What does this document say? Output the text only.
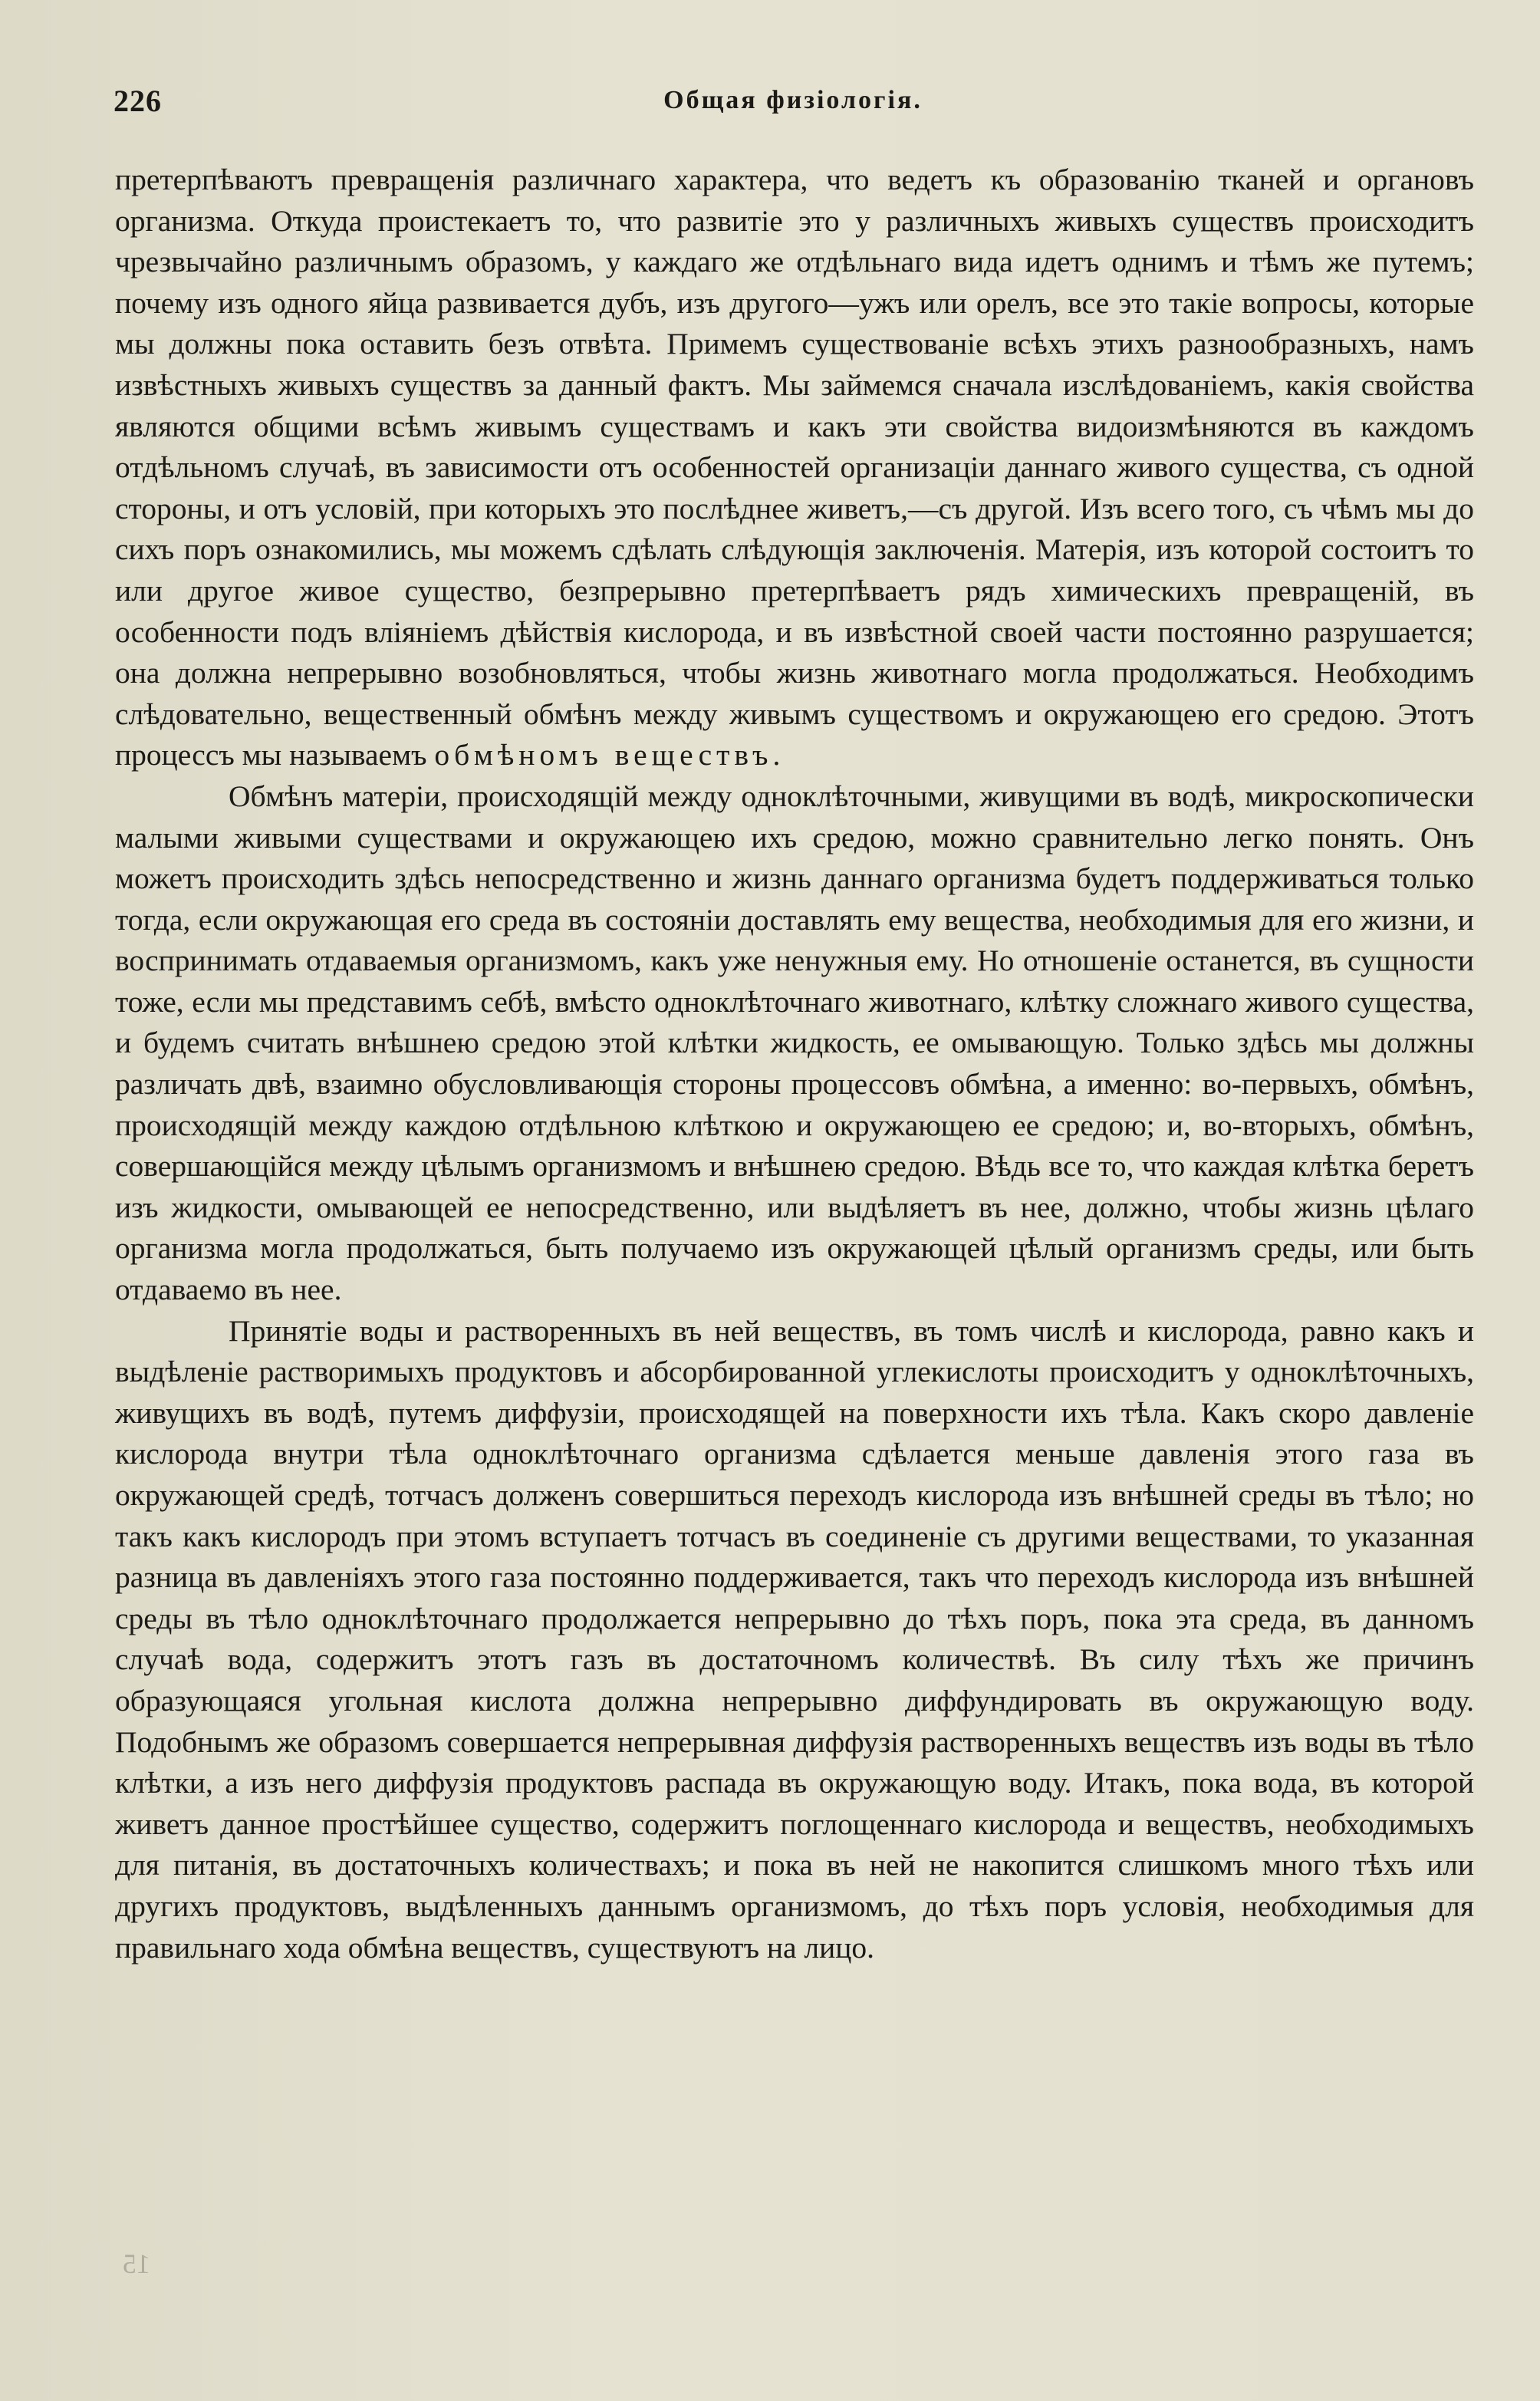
226	Общая физіологія.

претерпѣваютъ превращенія различнаго характера, что ведетъ къ образованію тканей и органовъ организма. Откуда проистекаетъ то, что развитіе это у различныхъ живыхъ существъ происходитъ чрезвычайно различнымъ образомъ, у каждаго же отдѣльнаго вида идетъ однимъ и тѣмъ же путемъ; почему изъ одного яйца развивается дубъ, изъ другого—ужъ или орелъ, все это такіе вопросы, которые мы должны пока оставить безъ отвѣта. Примемъ существованіе всѣхъ этихъ разнообразныхъ, намъ извѣстныхъ живыхъ существъ за данный фактъ. Мы займемся сначала изслѣдованіемъ, какія свойства являются общими всѣмъ живымъ существамъ и какъ эти свойства видоизмѣняются въ каждомъ отдѣльномъ случаѣ, въ зависимости отъ особенностей организаціи даннаго живого существа, съ одной стороны, и отъ условій, при которыхъ это послѣднее живетъ,—съ другой. Изъ всего того, съ чѣмъ мы до сихъ поръ ознакомились, мы можемъ сдѣлать слѣдующія заключенія. Матерія, изъ которой состоитъ то или другое живое существо, безпрерывно претерпѣваетъ рядъ химическихъ превращеній, въ особенности подъ вліяніемъ дѣйствія кислорода, и въ извѣстной своей части постоянно разрушается; она должна непрерывно возобновляться, чтобы жизнь животнаго могла продолжаться. Необходимъ слѣдовательно, вещественный обмѣнъ между живымъ существомъ и окружающею его средою. Этотъ процессъ мы называемъ обмѣномъ веществъ.

Обмѣнъ матеріи, происходящій между одноклѣточными, живущими въ водѣ, микроскопически малыми живыми существами и окружающею ихъ средою, можно сравнительно легко понять. Онъ можетъ происходить здѣсь непосредственно и жизнь даннаго организма будетъ поддерживаться только тогда, если окружающая его среда въ состояніи доставлять ему вещества, необходимыя для его жизни, и воспринимать отдаваемыя организмомъ, какъ уже ненужныя ему. Но отношеніе останется, въ сущности тоже, если мы представимъ себѣ, вмѣсто одноклѣточнаго животнаго, клѣтку сложнаго живого существа, и будемъ считать внѣшнею средою этой клѣтки жидкость, ее омывающую. Только здѣсь мы должны различать двѣ, взаимно обусловливающія стороны процессовъ обмѣна, а именно: во-первыхъ, обмѣнъ, происходящій между каждою отдѣльною клѣткою и окружающею ее средою; и, во-вторыхъ, обмѣнъ, совершающійся между цѣлымъ организмомъ и внѣшнею средою. Вѣдь все то, что каждая клѣтка беретъ изъ жидкости, омывающей ее непосредственно, или выдѣляетъ въ нее, должно, чтобы жизнь цѣлаго организма могла продолжаться, быть получаемо изъ окружающей цѣлый организмъ среды, или быть отдаваемо въ нее.

Принятіе воды и растворенныхъ въ ней веществъ, въ томъ числѣ и кислорода, равно какъ и выдѣленіе растворимыхъ продуктовъ и абсорбированной углекислоты происходитъ у одноклѣточныхъ, живущихъ въ водѣ, путемъ диффузіи, происходящей на поверхности ихъ тѣла. Какъ скоро давленіе кислорода внутри тѣла одноклѣточнаго организма сдѣлается меньше давленія этого газа въ окружающей средѣ, тотчасъ долженъ совершиться переходъ кислорода изъ внѣшней среды въ тѣло; но такъ какъ кислородъ при этомъ вступаетъ тотчасъ въ соединеніе съ другими веществами, то указанная разница въ давленіяхъ этого газа постоянно поддерживается, такъ что переходъ кислорода изъ внѣшней среды въ тѣло одноклѣточнаго продолжается непрерывно до тѣхъ поръ, пока эта среда, въ данномъ случаѣ вода, содержитъ этотъ газъ въ достаточномъ количествѣ. Въ силу тѣхъ же причинъ образующаяся угольная кислота должна непрерывно диффундировать въ окружающую воду. Подобнымъ же образомъ совершается непрерывная диффузія растворенныхъ веществъ изъ воды въ тѣло клѣтки, а изъ него диффузія продуктовъ распада въ окружающую воду. Итакъ, пока вода, въ которой живетъ данное простѣйшее существо, содержитъ поглощеннаго кислорода и веществъ, необходимыхъ для питанія, въ достаточныхъ количествахъ; и пока въ ней не накопится слишкомъ много тѣхъ или другихъ продуктовъ, выдѣленныхъ даннымъ организмомъ, до тѣхъ поръ условія, необходимыя для правильнаго хода обмѣна веществъ, существуютъ на лицо.

15
